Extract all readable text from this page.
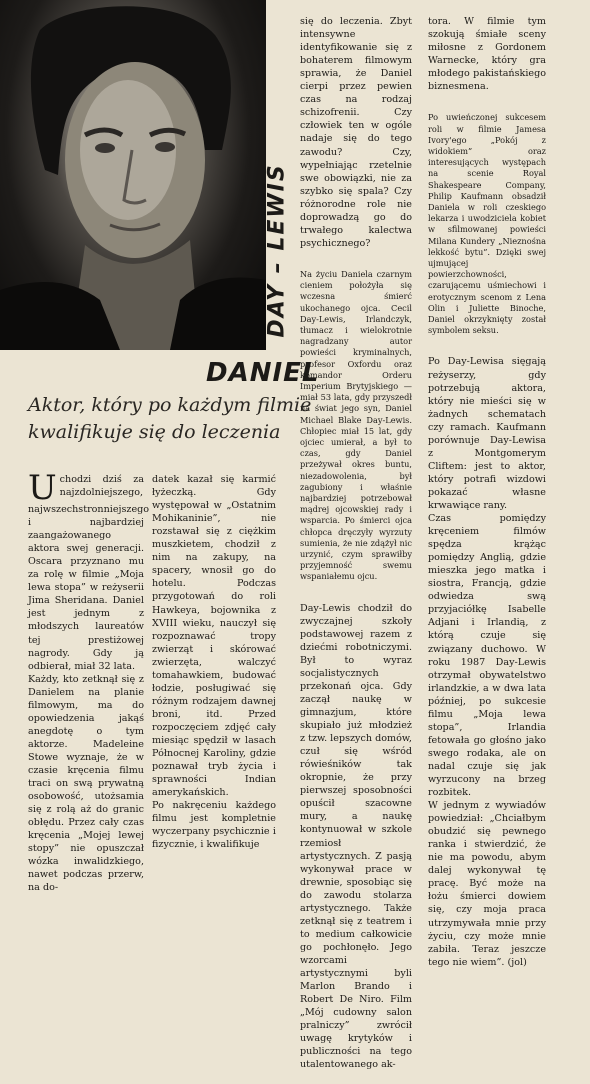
DAY – LEWIS
DANIEL
Aktor, który po każdym filmie
kwalifikuje się do leczenia

Uchodzi dziś za najzdolniejszego, najwszechstronniejszego i najbardziej zaangażowanego aktora swej generacji. Oscara przyznano mu za rolę w filmie „Moja lewa stopa” w reżyserii Jima Sheridana. Daniel jest jednym z młodszych laureatów tej prestiżowej nagrody. Gdy ją odbierał, miał 32 lata.
Każdy, kto zetknął się z Danielem na planie filmowym, ma do opowiedzenia jakąś anegdotę o tym aktorze. Madeleine Stowe wyznaje, że w czasie kręcenia filmu traci on swą prywatną osobowość, utożsamia się z rolą aż do granic obłędu. Przez cały czas kręcenia „Mojej lewej stopy” nie opuszczał wózka inwalidzkiego, nawet podczas przerw, na do-

datek kazał się karmić łyżeczką. Gdy występował w „Ostatnim Mohikaninie”, nie rozstawał się z ciężkim muszkietem, chodził z nim na zakupy, na spacery, wnosił go do hotelu. Podczas przygotowań do roli Hawkeya, bojownika z XVIII wieku, nauczył się rozpoznawać tropy zwierząt i skórować zwierzęta, walczyć tomahawkiem, budować łodzie, posługiwać się różnym rodzajem dawnej broni, itd. Przed rozpoczęciem zdjęć cały miesiąc spędził w lasach Północnej Karoliny, gdzie poznawał tryb życia i sprawności Indian amerykańskich.
Po nakręceniu każdego filmu jest kompletnie wyczerpany psychicznie i fizycznie, i kwalifikuje

się do leczenia. Zbyt intensywne identyfikowanie się z bohaterem filmowym sprawia, że Daniel cierpi przez pewien czas na rodzaj schizofrenii. Czy człowiek ten w ogóle nadaje się do tego zawodu? Czy, wypełniając rzetelnie swe obowiązki, nie za szybko się spala? Czy różnorodne role nie doprowadzą go do trwałego kalectwa psychicznego?

Na życiu Daniela czarnym cieniem położyła się wczesna śmierć ukochanego ojca. Cecil Day-Lewis, Irlandczyk, tłumacz i wielokrotnie nagradzany autor powieści kryminalnych, profesor Oxfordu oraz komandor Orderu Imperium Brytyjskiego — miał 53 lata, gdy przyszedł na świat jego syn, Daniel Michael Blake Day-Lewis. Chłopiec miał 15 lat, gdy ojciec umierał, a był to czas, gdy Daniel przeżywał okres buntu, niezadowolenia, był zagubiony i właśnie najbardziej potrzebował mądrej ojcowskiej rady i wsparcia. Po śmierci ojca chłopca dręczyły wyrzuty sumienia, że nie zdążył nic urzynić, czym sprawiłby przyjemność swemu wspaniałemu ojcu.

Day-Lewis chodził do zwyczajnej szkoły podstawowej razem z dziećmi robotniczymi. Był to wyraz socjalistycznych przekonań ojca. Gdy zaczął naukę w gimnazjum, które skupiało już młodzież z tzw. lepszych domów, czuł się wśród rówieśników tak okropnie, że przy pierwszej sposobności opuścił szacowne mury, a naukę kontynuował w szkole rzemiosł artystycznych. Z pasją wykonywał prace w drewnie, sposobiąc się do zawodu stolarza artystycznego. Także zetknął się z teatrem i to medium całkowicie go pochłonęło. Jego wzorcami artystycznymi byli Marlon Brando i Robert De Niro. Film „Mój cudowny salon pralniczy” zwrócił uwagę krytyków i publiczności na tego utalentowanego ak-

tora. W filmie tym szokują śmiałe sceny miłosne z Gordonem Warnecke, który gra młodego pakistańskiego biznesmena.

Po uwieńczonej sukcesem roli w filmie Jamesa Ivory'ego „Pokój z widokiem” oraz interesujących występach na scenie Royal Shakespeare Company, Philip Kaufmann obsadził Daniela w roli czeskiego lekarza i uwodziciela kobiet w sfilmowanej powieści Milana Kundery „Nieznośna lekkość bytu”. Dzięki swej ujmującej powierzchowności, czarującemu uśmiechowi i erotycznym scenom z Lena Olin i Juliette Binoche, Daniel okrzyknięty został symbolem seksu.

Po Day-Lewisa sięgają reżyserzy, gdy potrzebują aktora, który nie mieści się w żadnych schematach czy ramach. Kaufmann porównuje Day-Lewisa z Montgomerym Cliftem: jest to aktor, który potrafi wizdowi pokazać własne krwawiące rany.
Czas pomiędzy kręceniem filmów spędza krążąc pomiędzy Anglią, gdzie mieszka jego matka i siostra, Francją, gdzie odwiedza swą przyjaciółkę Isabelle Adjani i Irlandią, z którą czuje się związany duchowo. W roku 1987 Day-Lewis otrzymał obywatelstwo irlandzkie, a w dwa lata później, po sukcesie filmu „Moja lewa stopa”, Irlandia fetowała go głośno jako swego rodaka, ale on nadal czuje się jak wyrzucony na brzeg rozbitek.
W jednym z wywiadów powiedział: „Chciałbym obudzić się pewnego ranka i stwierdzić, że nie ma powodu, abym dalej wykonywał tę pracę. Być może na łożu śmierci dowiem się, czy moja praca utrzymywała mnie przy życiu, czy może mnie zabiła. Teraz jeszcze tego nie wiem”. (jol)
